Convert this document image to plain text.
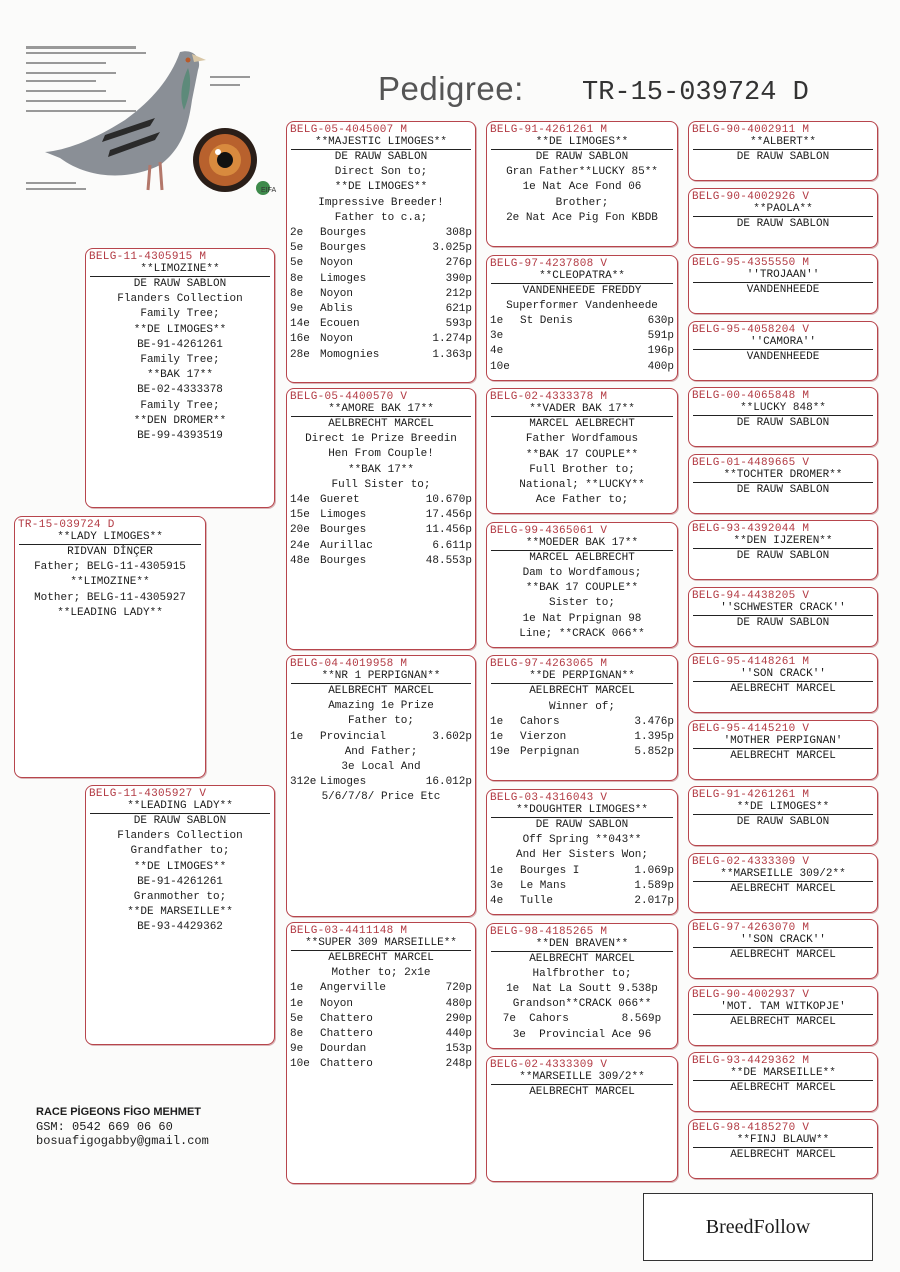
EIFA
Pedigree: TR-15-039724 D
TR-15-039724 D
**LADY LIMOGES**
RIDVAN DİNÇER
Father; BELG-11-4305915
**LIMOZINE**
Mother; BELG-11-4305927
**LEADING LADY**
BELG-11-4305915 M
**LIMOZINE**
DE RAUW SABLON
Flanders Collection
Family Tree;
**DE LIMOGES**
BE-91-4261261
Family Tree;
**BAK 17**
BE-02-4333378
Family Tree;
**DEN DROMER**
BE-99-4393519
BELG-11-4305927 V
**LEADING LADY**
DE RAUW SABLON
Flanders Collection
Grandfather to;
**DE LIMOGES**
BE-91-4261261
Granmother to;
**DE MARSEILLE**
BE-93-4429362
BELG-05-4045007 M
**MAJESTIC LIMOGES**
DE RAUW SABLON
Direct Son to;
**DE LIMOGES**
Impressive Breeder!
Father to c.a;
2e	Bourges	308p
5e	Bourges	3.025p
5e	Noyon	276p
8e	Limoges	390p
8e	Noyon	212p
9e	Ablis	621p
14e Ecouen	593p
16e Noyon	1.274p
28e Momognies	1.363p
BELG-05-4400570 V
**AMORE BAK 17**
AELBRECHT MARCEL
Direct 1e Prize Breedin
Hen From Couple!
**BAK 17**
Full Sister to;
14e Gueret	10.670p
15e Limoges	17.456p
20e Bourges	11.456p
24e Aurillac	6.611p
48e Bourges	48.553p
BELG-04-4019958 M
**NR 1 PERPIGNAN**
AELBRECHT MARCEL
Amazing 1e Prize
Father to;
1e	Provincial	3.602p
And Father;
3e Local And
312e Limoges	16.012p
5/6/7/8/ Price Etc
BELG-03-4411148 M
**SUPER 309 MARSEILLE**
AELBRECHT MARCEL
Mother to; 2x1e
1e	Angerville	720p
1e	Noyon	480p
5e	Chattero	290p
8e	Chattero	440p
9e	Dourdan	153p
10e Chattero	248p
BELG-91-4261261 M
**DE LIMOGES**
DE RAUW SABLON
Gran Father**LUCKY 85**
1e Nat Ace Fond 06
Brother;
2e Nat Ace Pig Fon KBDB
BELG-97-4237808 V
**CLEOPATRA**
VANDENHEEDE FREDDY
Superformer Vandenheede
1e	St Denis	630p
3e	591p
4e	196p
10e	400p
BELG-02-4333378 M
**VADER BAK 17**
MARCEL AELBRECHT
Father Wordfamous
**BAK 17 COUPLE**
Full Brother to;
National; **LUCKY**
Ace Father to;
BELG-99-4365061 V
**MOEDER BAK 17**
MARCEL AELBRECHT
Dam to Wordfamous;
**BAK 17 COUPLE**
Sister to;
1e Nat Prpignan 98
Line; **CRACK 066**
BELG-97-4263065 M
**DE PERPIGNAN**
AELBRECHT MARCEL
Winner of;
1e	Cahors	3.476p
1e	Vierzon	1.395p
19e Perpignan	5.852p
BELG-03-4316043 V
**DOUGHTER LIMOGES**
DE RAUW SABLON
Off Spring **043**
And Her Sisters Won;
1e	Bourges I	1.069p
3e	Le Mans	1.589p
4e	Tulle	2.017p
BELG-98-4185265 M
**DEN BRAVEN**
AELBRECHT MARCEL
Halfbrother to;
1e  Nat La Soutt 9.538p
Grandson**CRACK 066**
7e  Cahors        8.569p
3e  Provincial Ace 96
BELG-02-4333309 V
**MARSEILLE 309/2**
AELBRECHT MARCEL
BELG-90-4002911 M
**ALBERT**
DE RAUW SABLON
BELG-90-4002926 V
**PAOLA**
DE RAUW SABLON
BELG-95-4355550 M
''TROJAAN''
VANDENHEEDE
BELG-95-4058204 V
''CAMORA''
VANDENHEEDE
BELG-00-4065848 M
**LUCKY 848**
DE RAUW SABLON
BELG-01-4489665 V
**TOCHTER DROMER**
DE RAUW SABLON
BELG-93-4392044 M
**DEN IJZEREN**
DE RAUW SABLON
BELG-94-4438205 V
''SCHWESTER CRACK''
DE RAUW SABLON
BELG-95-4148261 M
''SON CRACK''
AELBRECHT MARCEL
BELG-95-4145210 V
'MOTHER PERPIGNAN'
AELBRECHT MARCEL
BELG-91-4261261 M
**DE LIMOGES**
DE RAUW SABLON
BELG-02-4333309 V
**MARSEILLE 309/2**
AELBRECHT MARCEL
BELG-97-4263070 M
''SON CRACK''
AELBRECHT MARCEL
BELG-90-4002937 V
'MOT. TAM WITKOPJE'
AELBRECHT MARCEL
BELG-93-4429362 M
**DE MARSEILLE**
AELBRECHT MARCEL
BELG-98-4185270 V
**FINJ BLAUW**
AELBRECHT MARCEL
RACE PİGEONS FİGO MEHMET
GSM: 0542 669 06 60
bosuafigogabby@gmail.com
BreedFollow
